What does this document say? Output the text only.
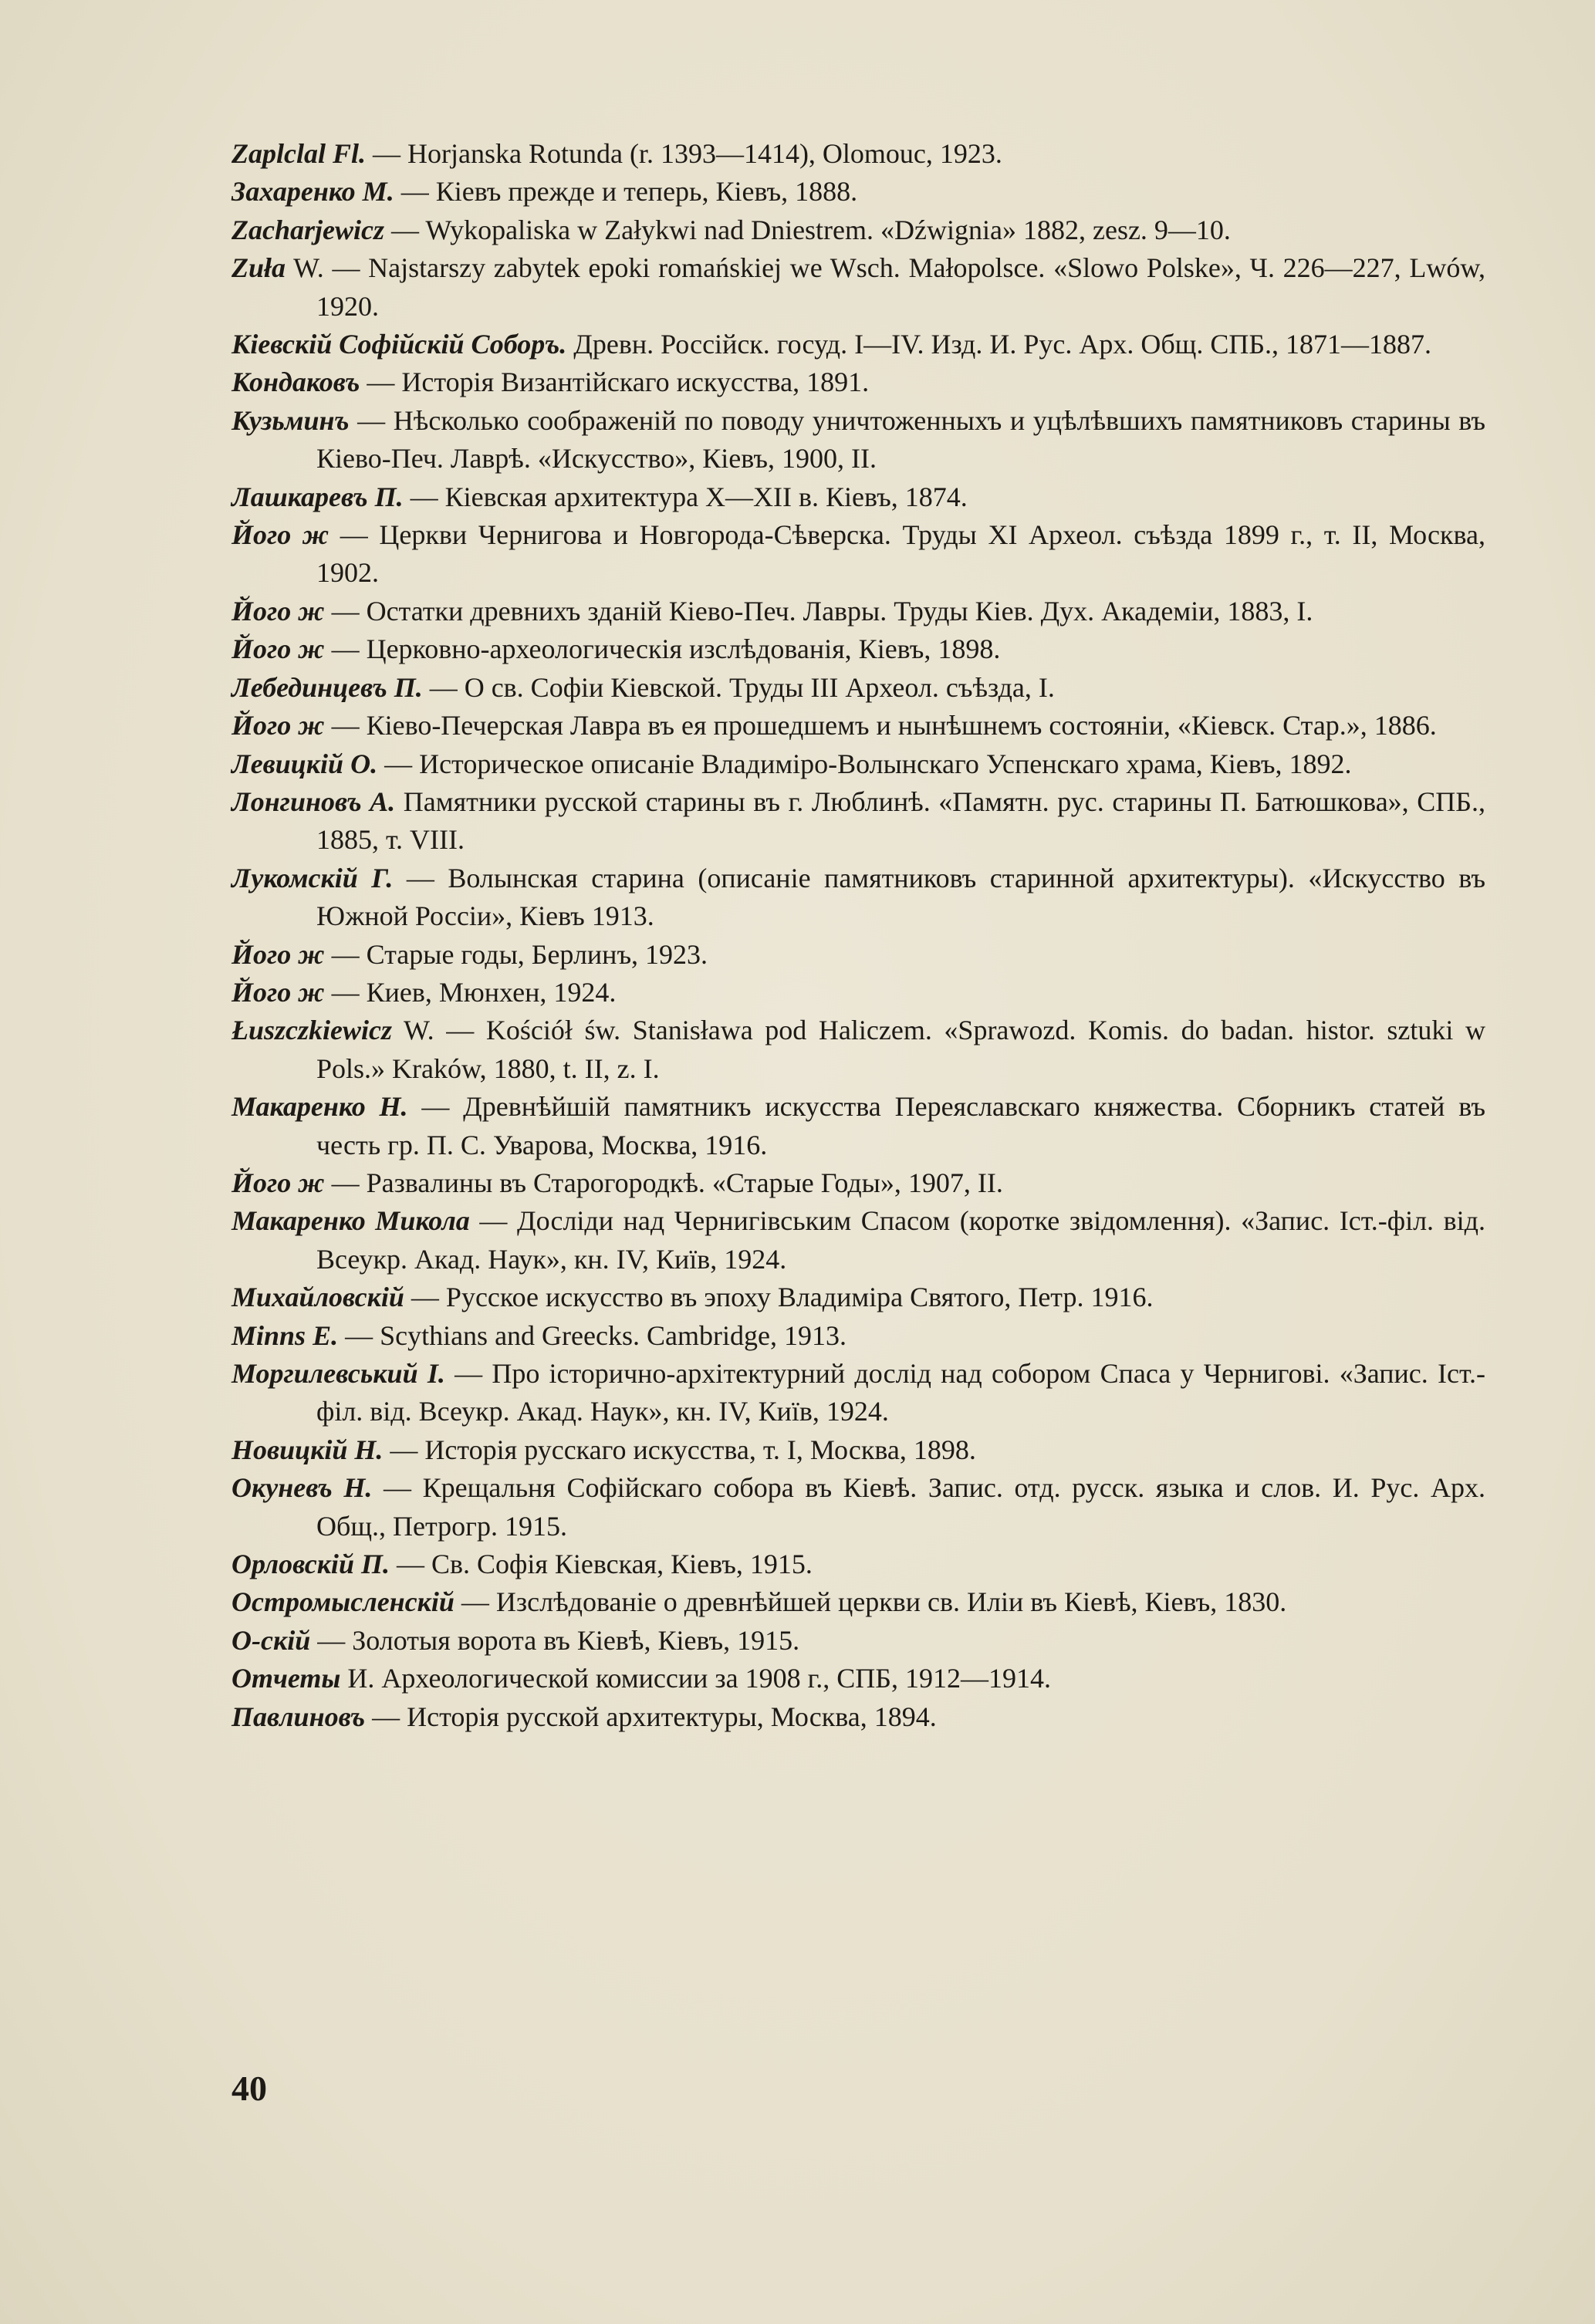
Zaplclal Fl. — Horjanska Rotunda (r. 1393—1414), Olomouc, 1923.

Захаренко М. — Кiевъ прежде и теперь, Кiевъ, 1888.

Zacharjewicz — Wykopaliska w Załykwi nad Dniestrem. «Dźwignia» 1882, zesz. 9—10.

Zuła W. — Najstarszy zabytek epoki romańskiej we Wsch. Małopolsce. «Slowo Polske», Ч. 226—227, Lwów, 1920.

Кiевскiй Софiйскiй Соборъ. Древн. Россiйск. госуд. I—IV. Изд. И. Рус. Арх. Общ. СПБ., 1871—1887.

Кондаковъ — Исторiя Византiйскаго искусства, 1891.

Кузьминъ — Нѣсколько соображенiй по поводу уничтоженныхъ и уцѣлѣвшихъ памятниковъ старины въ Кiево-Печ. Лаврѣ. «Искусство», Кiевъ, 1900, II.

Лашкаревъ П. — Кiевская архитектура X—XII в. Кiевъ, 1874.

Його ж — Церкви Чернигова и Новгорода-Сѣверска. Труды XI Археол. съѣзда 1899 г., т. II, Москва, 1902.

Його ж — Остатки древнихъ зданiй Кiево-Печ. Лавры. Труды Кiев. Дух. Академiи, 1883, I.

Його ж — Церковно-археологическiя изслѣдованiя, Кiевъ, 1898.

Лебединцевъ П. — О св. Софiи Кiевской. Труды III Археол. съѣзда, I.

Його ж — Кiево-Печерская Лавра въ ея прошедшемъ и нынѣшнемъ состоянiи, «Кiевск. Стар.», 1886.

Левицкiй О. — Историческое описанiе Владимiро-Волынскаго Успенскаго храма, Кiевъ, 1892.

Лонгиновъ А. Памятники русской старины въ г. Люблинѣ. «Памятн. рус. старины П. Батюшкова», СПБ., 1885, т. VIII.

Лукомскiй Г. — Волынская старина (описанiе памятниковъ старинной архитектуры). «Искусство въ Южной Россiи», Кiевъ 1913.

Його ж — Старые годы, Берлинъ, 1923.

Його ж — Киев, Мюнхен, 1924.

Łuszczkiewicz W. — Kościół św. Stanisława pod Haliczem. «Sprawozd. Komis. do badan. histor. sztuki w Pols.» Kraków, 1880, t. II, z. I.

Макаренко Н. — Древнѣйшiй памятникъ искусства Переяславскаго княжества. Сборникъ статей въ честь гр. П. С. Уварова, Москва, 1916.

Його ж — Развалины въ Старогородкѣ. «Старые Годы», 1907, II.

Макаренко Микола — Досліди над Чернигівським Спасом (коротке звідомлення). «Запис. Іст.-філ. від. Всеукр. Акад. Наук», кн. IV, Київ, 1924.

Михайловскiй — Русское искусство въ эпоху Владимiра Святого, Петр. 1916.

Minns E. — Scythians and Greecks. Cambridge, 1913.

Моргилевський І. — Про історично-архітектурний дослід над собором Спаса у Чернигові. «Запис. Іст.-філ. від. Всеукр. Акад. Наук», кн. IV, Київ, 1924.

Новицкiй Н. — Исторiя русскаго искусства, т. I, Москва, 1898.

Окуневъ Н. — Крещальня Софiйскаго собора въ Кiевѣ. Запис. отд. русск. языка и слов. И. Рус. Арх. Общ., Петрогр. 1915.

Орловскiй П. — Св. Софiя Кiевская, Кiевъ, 1915.

Остромысленскiй — Изслѣдованiе о древнѣйшей церкви св. Илiи въ Кiевѣ, Кiевъ, 1830.

О-скiй — Золотыя ворота въ Кiевѣ, Кiевъ, 1915.

Отчеты И. Археологической комиссии за 1908 г., СПБ, 1912—1914.

Павлиновъ — Исторiя русской архитектуры, Москва, 1894.

40
